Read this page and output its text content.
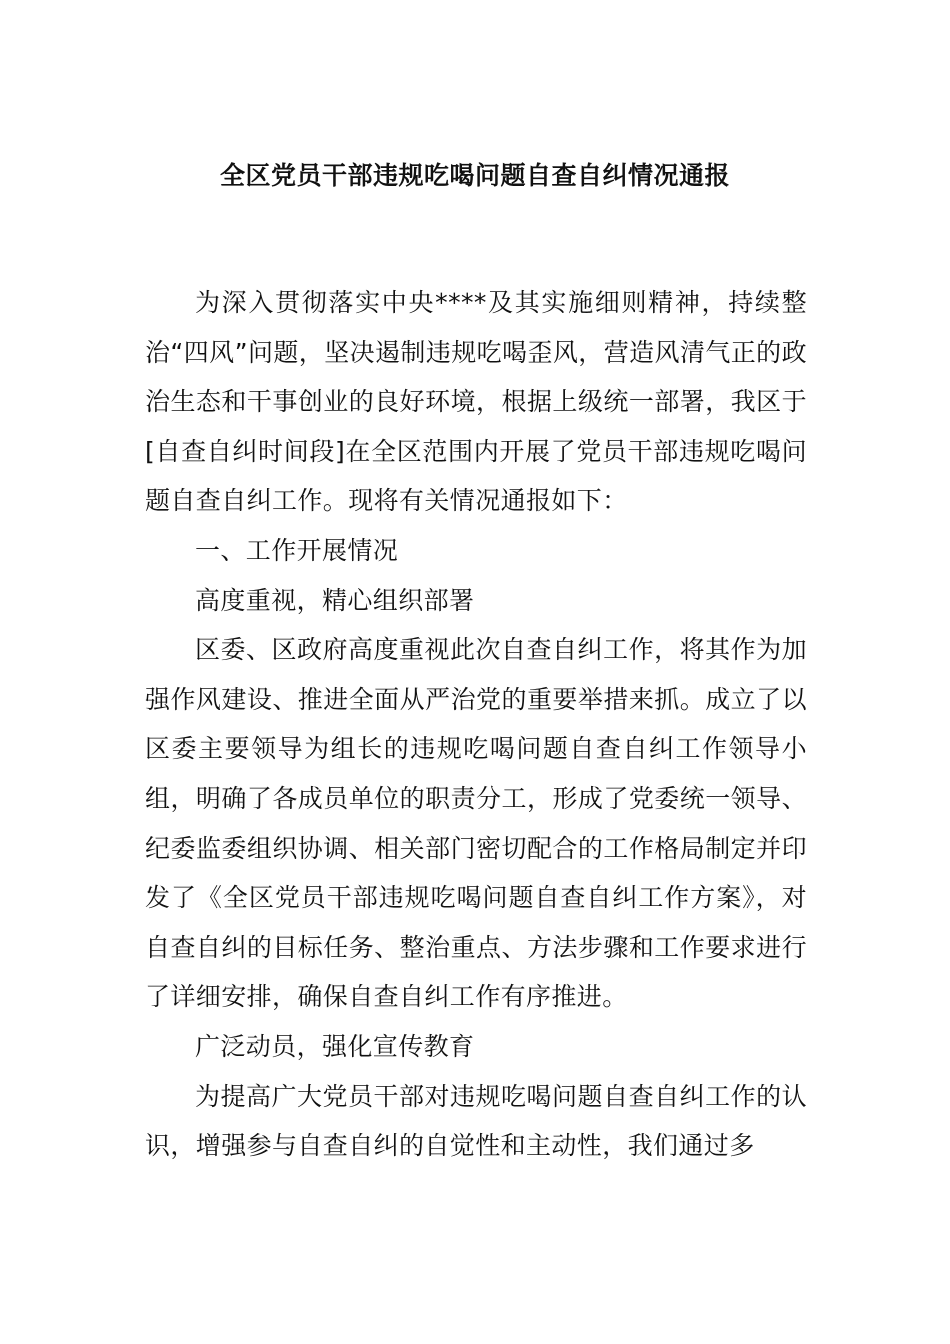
全区党员干部违规吃喝问题自查自纠情况通报

为深入贯彻落实中央****及其实施细则精神，持续整治“四风”问题，坚决遏制违规吃喝歪风，营造风清气正的政治生态和干事创业的良好环境，根据上级统一部署，我区于[自查自纠时间段]在全区范围内开展了党员干部违规吃喝问题自查自纠工作。现将有关情况通报如下：

一、工作开展情况

高度重视，精心组织部署

区委、区政府高度重视此次自查自纠工作，将其作为加强作风建设、推进全面从严治党的重要举措来抓。成立了以区委主要领导为组长的违规吃喝问题自查自纠工作领导小组，明确了各成员单位的职责分工，形成了党委统一领导、纪委监委组织协调、相关部门密切配合的工作格局制定并印发了《全区党员干部违规吃喝问题自查自纠工作方案》，对自查自纠的目标任务、整治重点、方法步骤和工作要求进行了详细安排，确保自查自纠工作有序推进。

广泛动员，强化宣传教育

为提高广大党员干部对违规吃喝问题自查自纠工作的认识，增强参与自查自纠的自觉性和主动性，我们通过多
